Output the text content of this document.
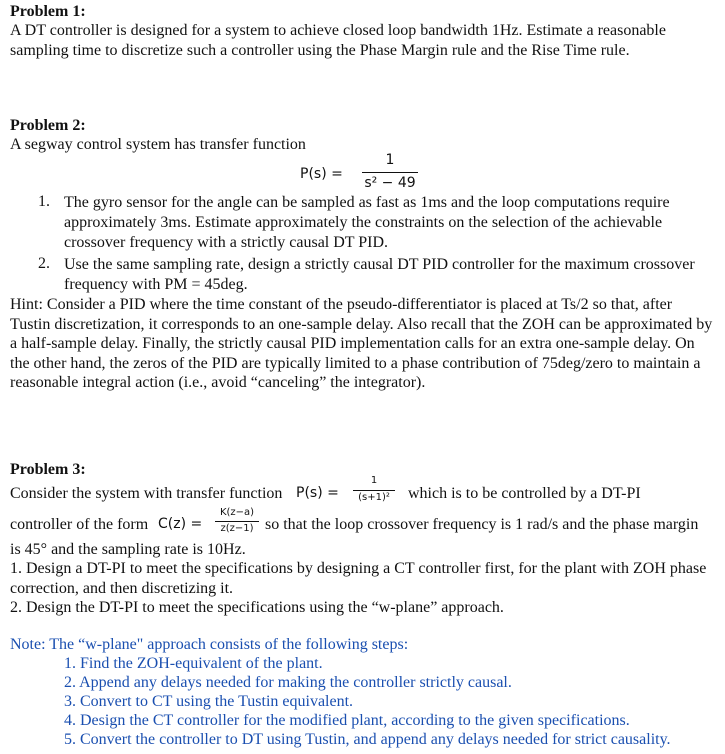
Problem 1:
A DT controller is designed for a system to achieve closed loop bandwidth 1Hz. Estimate a reasonable sampling time to discretize such a controller using the Phase Margin rule and the Rise Time rule.
Problem 2:
A segway control system has transfer function
P(s) =
1
s² − 49
1. The gyro sensor for the angle can be sampled as fast as 1ms and the loop computations require approximately 3ms. Estimate approximately the constraints on the selection of the achievable crossover frequency with a strictly causal DT PID.
2. Use the same sampling rate, design a strictly causal DT PID controller for the maximum crossover frequency with PM = 45deg.
Hint: Consider a PID where the time constant of the pseudo-differentiator is placed at Ts/2 so that, after Tustin discretization, it corresponds to an one-sample delay. Also recall that the ZOH can be approximated by a half-sample delay. Finally, the strictly causal PID implementation calls for an extra one-sample delay. On the other hand, the zeros of the PID are typically limited to a phase contribution of 75deg/zero to maintain a reasonable integral action (i.e., avoid “canceling” the integrator).
Problem 3:
Consider the system with transfer function P(s) =
1
(s+1)²	which is to be controlled by a DT-PI
controller of the form C(z) =
K(z−a)
z(z−1) so that the loop crossover frequency is 1 rad/s and the phase margin
is 45° and the sampling rate is 10Hz.
1. Design a DT-PI to meet the specifications by designing a CT controller first, for the plant with ZOH phase correction, and then discretizing it.
2. Design the DT-PI to meet the specifications using the “w-plane” approach.
Note: The “w-plane" approach consists of the following steps:
1. Find the ZOH-equivalent of the plant.
2. Append any delays needed for making the controller strictly causal.
3. Convert to CT using the Tustin equivalent.
4. Design the CT controller for the modified plant, according to the given specifications.
5. Convert the controller to DT using Tustin, and append any delays needed for strict causality.
